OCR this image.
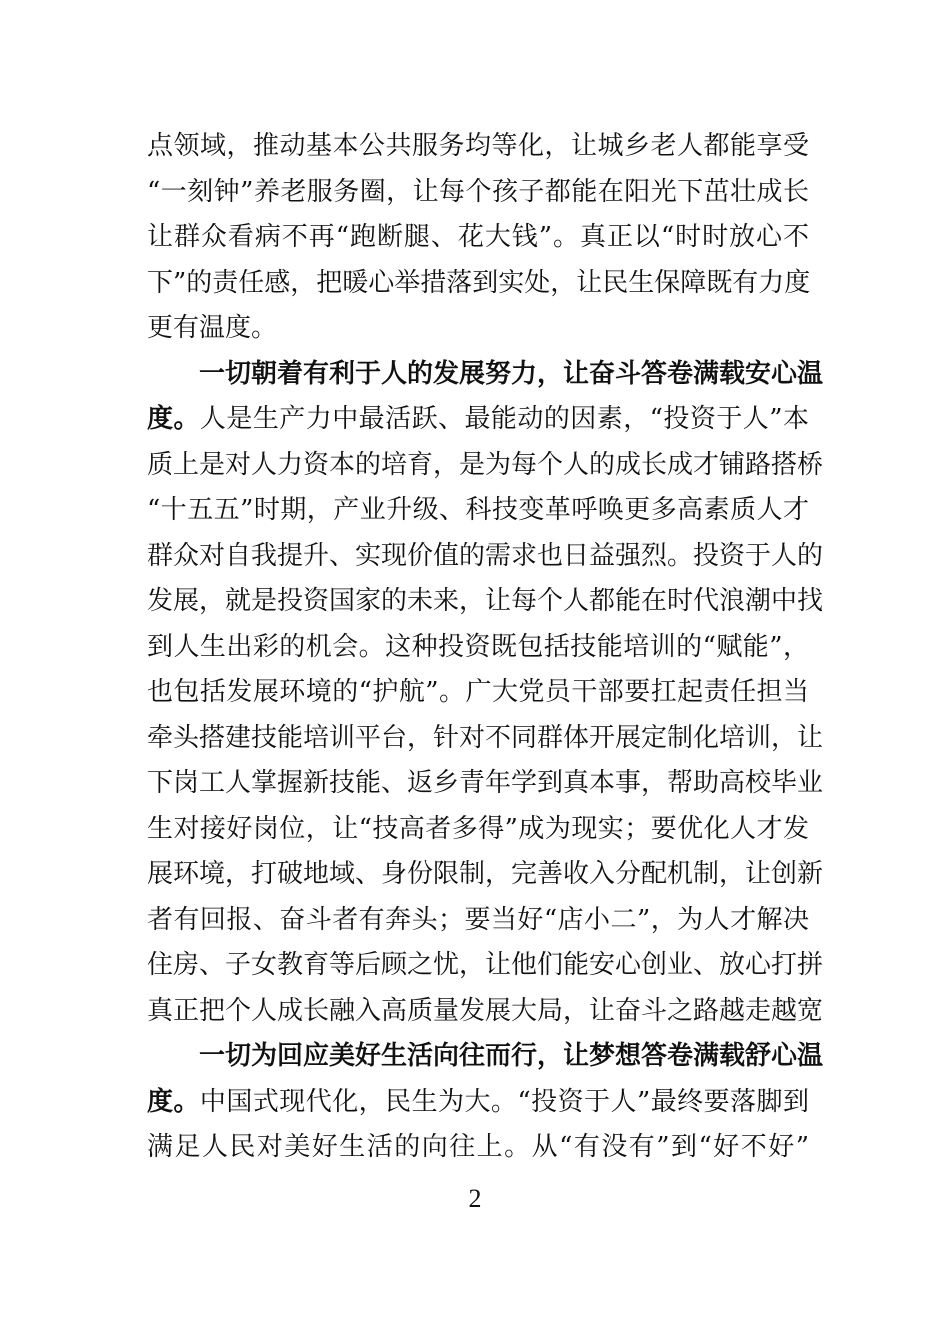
点领域，推动基本公共服务均等化，让城乡老人都能享受
“一刻钟”养老服务圈，让每个孩子都能在阳光下茁壮成长
让群众看病不再“跑断腿、花大钱”。真正以“时时放心不
下”的责任感，把暖心举措落到实处，让民生保障既有力度
更有温度。
一切朝着有利于人的发展努力，让奋斗答卷满载安心温
度。人是生产力中最活跃、最能动的因素，“投资于人”本
质上是对人力资本的培育，是为每个人的成长成才铺路搭桥
“十五五”时期，产业升级、科技变革呼唤更多高素质人才
群众对自我提升、实现价值的需求也日益强烈。投资于人的
发展，就是投资国家的未来，让每个人都能在时代浪潮中找
到人生出彩的机会。这种投资既包括技能培训的“赋能”，
也包括发展环境的“护航”。广大党员干部要扛起责任担当
牵头搭建技能培训平台，针对不同群体开展定制化培训，让
下岗工人掌握新技能、返乡青年学到真本事，帮助高校毕业
生对接好岗位，让“技高者多得”成为现实；要优化人才发
展环境，打破地域、身份限制，完善收入分配机制，让创新
者有回报、奋斗者有奔头；要当好“店小二”，为人才解决
住房、子女教育等后顾之忧，让他们能安心创业、放心打拼
真正把个人成长融入高质量发展大局，让奋斗之路越走越宽
一切为回应美好生活向往而行，让梦想答卷满载舒心温
度。中国式现代化，民生为大。“投资于人”最终要落脚到
满足人民对美好生活的向往上。从“有没有”到“好不好”
2
